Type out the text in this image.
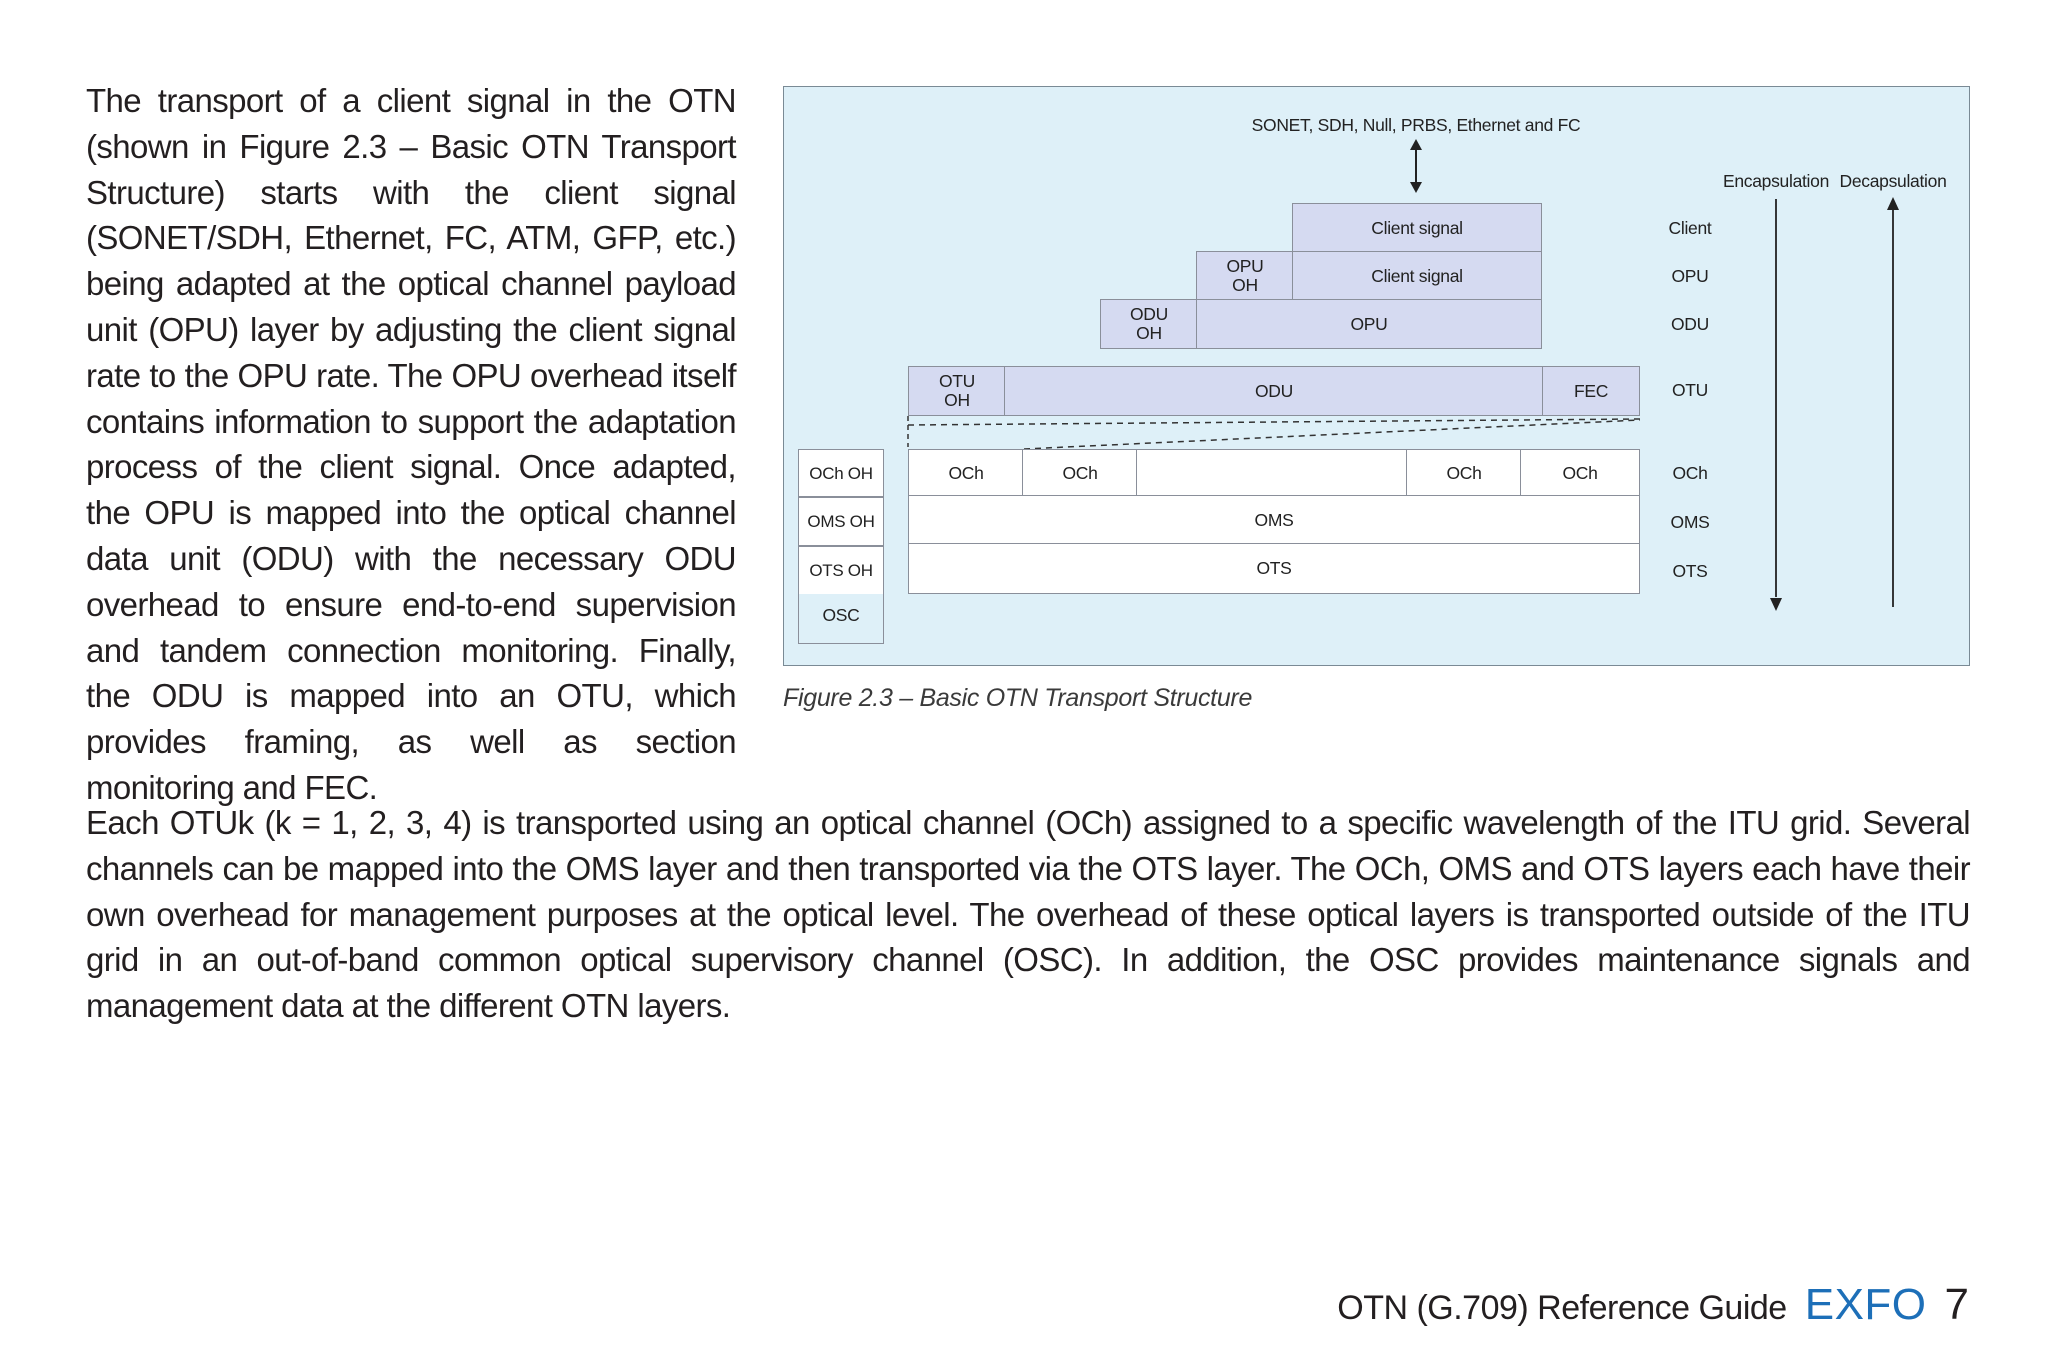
The transport of a client signal in the OTN (shown in Figure 2.3 – Basic OTN Transport Structure) starts with the client signal (SONET/SDH, Ethernet, FC, ATM, GFP, etc.) being adapted at the optical channel payload unit (OPU) layer by adjusting the client signal rate to the OPU rate. The OPU overhead itself contains information to support the adaptation process of the client signal. Once adapted, the OPU is mapped into the optical channel data unit (ODU) with the necessary ODU overhead to ensure end-to-end supervision and tandem connection monitoring. Finally, the ODU is mapped into an OTU, which provides framing, as well as section monitoring and FEC.

SONET, SDH, Null, PRBS, Ethernet and FC
Client signal
OPU
OH	Client signal
ODU
OH	OPU
OTU
OH	ODU	FEC
OCh OH
OMS OH
OTS OH
OSC
OCh	OCh	OCh	OCh
OMS
OTS
Client
OPU
ODU
OTU
OCh
OMS
OTS
Encapsulation Decapsulation
Figure 2.3 – Basic OTN Transport Structure

Each OTUk (k = 1, 2, 3, 4) is transported using an optical channel (OCh) assigned to a specific wavelength of the ITU grid. Several channels can be mapped into the OMS layer and then transported via the OTS layer. The OCh, OMS and OTS layers each have their own overhead for management purposes at the optical level. The overhead of these optical layers is transported outside of the ITU grid in an out-of-band common optical supervisory channel (OSC). In addition, the OSC provides maintenance signals and management data at the different OTN layers.

OTN (G.709) Reference Guide EXFO 7
